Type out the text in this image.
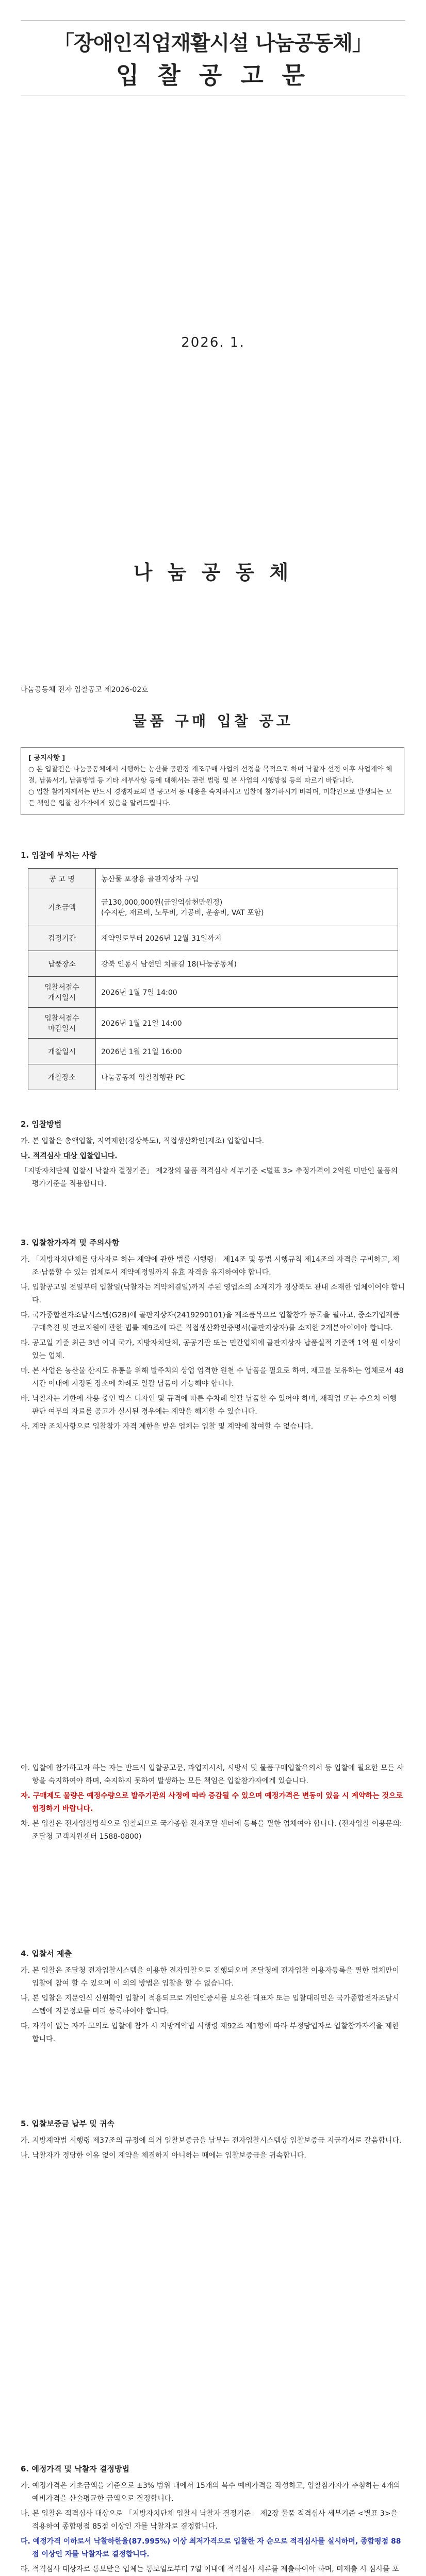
「장애인직업재활시설 나눔공동체」
입 찰 공 고 문
2026. 1.
나 눔 공 동 체
나눔공동체 전자 입찰공고 제2026-02호
물품 구매 입찰 공고
[ 공지사항 ]
○ 본 입찰건은 나눔공동체에서 시행하는 농산물 공판장 계조구매 사업의 선정을 목적으로 하며 낙찰자 선정 이후 사업계약 체결, 납품서기, 납품방법 등 기타 세부사항 등에 대해서는 관련 법령 및 본 사업의 시행방침 등의 따르기 바랍니다.
○ 입찰 참가자께서는 반드시 경쟁자료의 별 공고서 등 내용을 숙지하시고 입찰에 참가하시기 바라며, 미확인으로 발생되는 모든 책임은 입찰 참가자에게 있음을 알려드립니다.
1. 입찰에 부치는 사항
공 고 명	농산물 포장용 골판지상자 구입
기초금액	금130,000,000원(금일억삼천만원정)
(수지판, 재료비, 노무비, 기공비, 운송비, VAT 포함)
검정기간	계약일로부터 2026년 12월 31일까지
납품장소	강북 인동시 남선면 치골길 18(나눔공동체)
입찰서접수
개시일시	2026년 1월 7일 14:00
입찰서접수
마감일시	2026년 1월 21일 14:00
개찰일시	2026년 1월 21일 16:00
개찰장소	나눔공동체 입찰집행관 PC
2. 입찰방법
가. 본 입찰은 총액입찰, 지역제한(경상북도), 직접생산확인(제조) 입찰입니다.
나. 적격심사 대상 입찰입니다.
「지방자치단체 입찰시 낙찰자 결정기준」 제2장의 물품 적격심사 세부기준 <별표 3> 추정가격이 2억원 미만인 물품의 평가기준을 적용합니다.
3. 입찰참가자격 및 주의사항
가. 「지방자치단체를 당사자로 하는 계약에 관한 법률 시행령」 제14조 및 동법 시행규칙 제14조의 자격을 구비하고, 제조·납품할 수 있는 업체로서 계약예정일까지 유효 자격을 유지하여야 합니다.
나. 입찰공고일 전일부터 입찰일(낙찰자는 계약체결일)까지 주된 영업소의 소재지가 경상북도 관내 소재한 업체이어야 합니다.
다. 국가종합전자조달시스템(G2B)에 골판지상자(2419290101)을 제조품목으로 입찰참가 등록을 필하고, 중소기업제품 구매촉진 및 판로지원에 관한 법률 제9조에 따른 직접생산확인증명서(골판지상자)를 소지한 2개분야이어야 합니다.
라. 공고일 기준 최근 3년 이내 국가, 지방자치단체, 공공기관 또는 민간업체에 골판지상자 납품실적 기준액 1억 원 이상이 있는 업체.
마. 본 사업은 농산물 산지도 유통을 위해 발주처의 상업 엄격한 원천 수 납품을 필요로 하여, 재고를 보유하는 업체로서 48시간 이내에 지정된 장소에 차례로 일괄 납품이 가능해야 합니다.
바. 낙찰자는 기한에 사용 중인 박스 디자인 및 규격에 따른 수차례 일괄 납품할 수 있어야 하며, 재작업 또는 수요처 이행 판단 여부의 자료를 공고가 실시된 경우에는 계약을 해지할 수 있습니다.
사. 계약 조치사항으로 입찰참가 자격 제한을 받은 업체는 입찰 및 계약에 참여할 수 없습니다.
아. 입찰에 참가하고자 하는 자는 반드시 입찰공고문, 과업지시서, 시방서 및 물품구매입찰유의서 등 입찰에 필요한 모든 사항을 숙지하여야 하며, 숙지하지 못하여 발생하는 모든 책임은 입찰참가자에게 있습니다.
자. 구매제도 물량은 예정수량으로 발주기관의 사정에 따라 증감될 수 있으며 예정가격은 변동이 있을 시 계약하는 것으로 협정하기 바랍니다.
차. 본 입찰은 전자입찰방식으로 입찰되므로 국가종합 전자조달 센터에 등록을 필한 업체여야 합니다. (전자입찰 이용문의: 조달청 고객지원센터 1588-0800)
4. 입찰서 제출
가. 본 입찰은 조달청 전자입찰시스템을 이용한 전자입찰으로 진행되오며 조달청에 전자입찰 이용자등록을 필한 업체만이 입찰에 참여 할 수 있으며 이 외의 방법은 입찰을 할 수 없습니다.
나. 본 입찰은 지문인식 신원확인 입찰이 적용되므로 개인인증서를 보유한 대표자 또는 입찰대리인은 국가종합전자조달시스템에 지문정보를 미리 등록하여야 합니다.
다. 자격이 없는 자가 고의로 입찰에 참가 시 지방계약법 시행령 제92조 제1항에 따라 부정당업자로 입찰참가자격을 제한합니다.
5. 입찰보증금 납부 및 귀속
가. 지방계약법 시행령 제37조의 규정에 의거 입찰보증금을 납부는 전자입찰시스템상 입찰보증금 지급각서로 갈음합니다.
나. 낙찰자가 정당한 이유 없이 계약을 체결하지 아니하는 때에는 입찰보증금을 귀속합니다.
6. 예정가격 및 낙찰자 결정방법
가. 예정가격은 기초금액을 기준으로 ±3% 범위 내에서 15개의 복수 예비가격을 작성하고, 입찰참가자가 추첨하는 4개의 예비가격을 산술평균한 금액으로 결정합니다.
나. 본 입찰은 적격심사 대상으로 「지방자치단체 입찰시 낙찰자 결정기준」 제2장 물품 적격심사 세부기준 <별표 3>을 적용하여 종합평점 85점 이상인 자를 낙찰자로 결정합니다.
다. 예정가격 이하로서 낙찰하한율(87.995%) 이상 최저가격으로 입찰한 자 순으로 적격심사를 실시하며, 종합평점 88점 이상인 자를 낙찰자로 결정합니다.
라. 적격심사 대상자로 통보받은 업체는 통보일로부터 7일 이내에 적격심사 서류를 제출하여야 하며, 미제출 시 심사를 포
